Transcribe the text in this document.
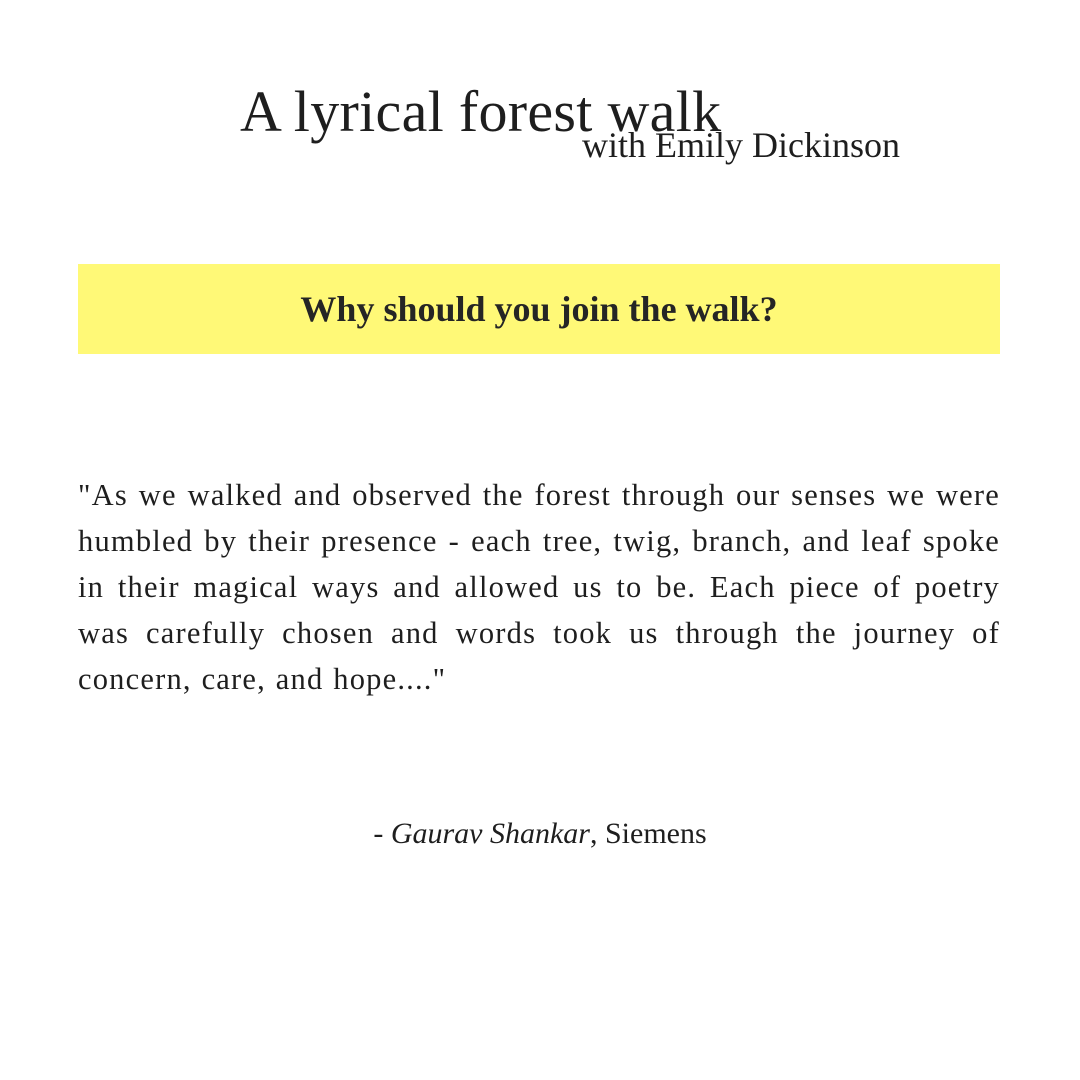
A lyrical forest walk
with Emily Dickinson
Why should you join the walk?

"As we walked and observed the forest through our senses we were humbled by their presence - each tree, twig, branch, and leaf spoke in their magical ways and allowed us to be. Each piece of poetry was carefully chosen and words took us through the journey of concern, care, and hope...."

- Gaurav Shankar, Siemens
